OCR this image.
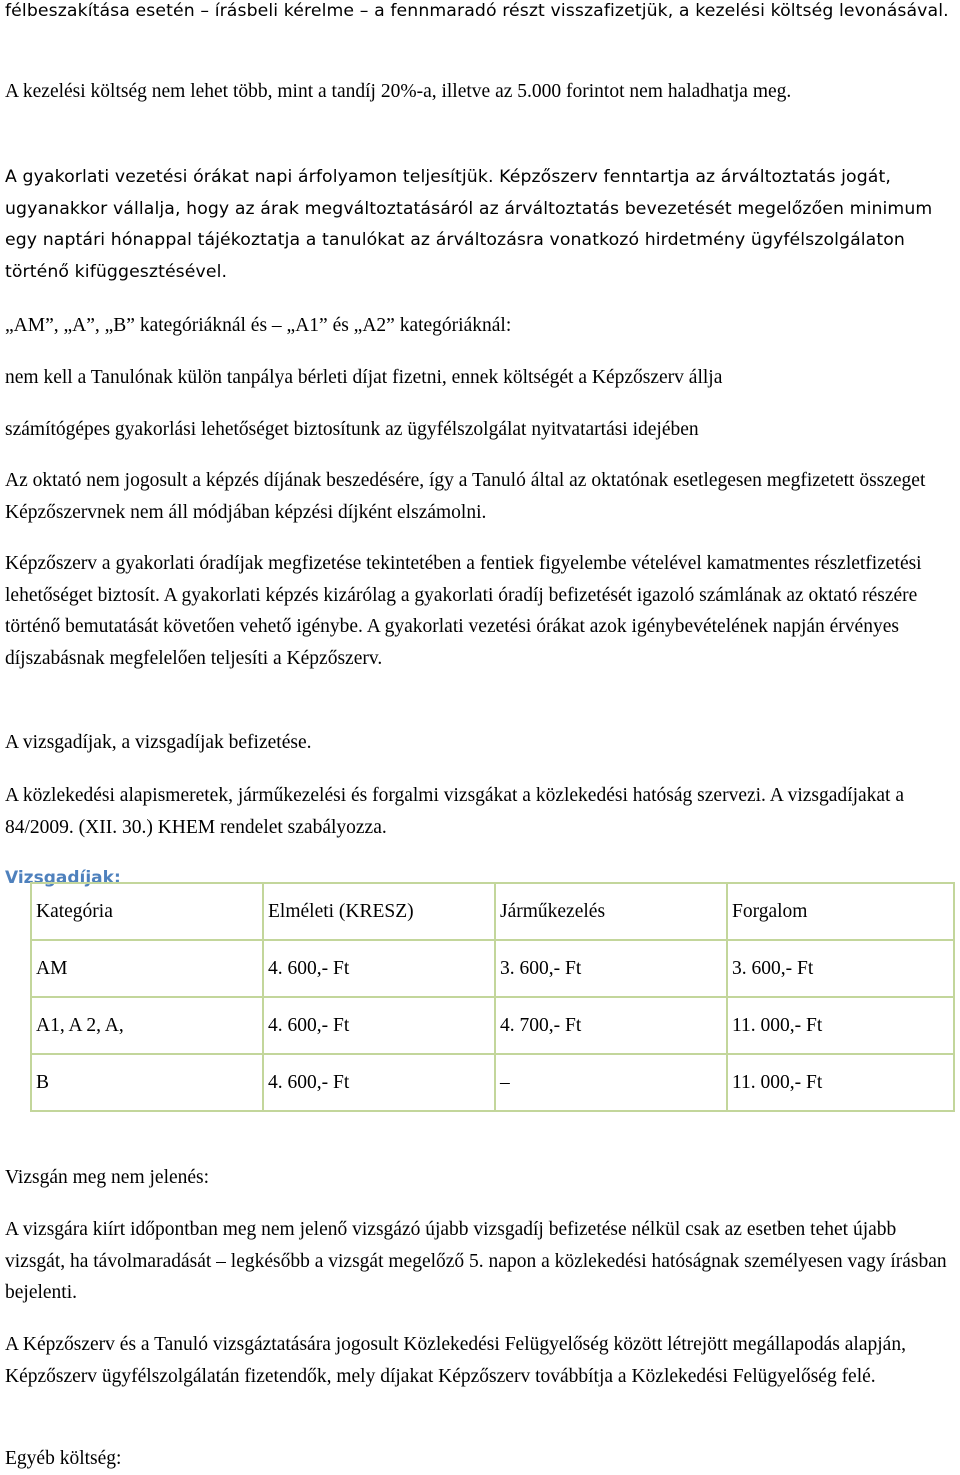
félbeszakítása esetén – írásbeli kérelme – a fennmaradó részt visszafizetjük, a kezelési költség levonásával.

A kezelési költség nem lehet több, mint a tandíj 20%-a, illetve az 5.000 forintot nem haladhatja meg.

A gyakorlati vezetési órákat napi árfolyamon teljesítjük. Képzőszerv fenntartja az árváltoztatás jogát, ugyanakkor vállalja, hogy az árak megváltoztatásáról az árváltoztatás bevezetését megelőzően minimum egy naptári hónappal tájékoztatja a tanulókat az árváltozásra vonatkozó hirdetmény ügyfélszolgálaton történő kifüggesztésével.

„AM”, „A”, „B” kategóriáknál és – „A1” és „A2” kategóriáknál:

nem kell a Tanulónak külön tanpálya bérleti díjat fizetni, ennek költségét a Képzőszerv állja

számítógépes gyakorlási lehetőséget biztosítunk az ügyfélszolgálat nyitvatartási idejében

Az oktató nem jogosult a képzés díjának beszedésére, így a Tanuló által az oktatónak esetlegesen megfizetett összeget Képzőszervnek nem áll módjában képzési díjként elszámolni.

Képzőszerv a gyakorlati óradíjak megfizetése tekintetében a fentiek figyelembe vételével kamatmentes részletfizetési lehetőséget biztosít. A gyakorlati képzés kizárólag a gyakorlati óradíj befizetését igazoló számlának az oktató részére történő bemutatását követően vehető igénybe. A gyakorlati vezetési órákat azok igénybevételének napján érvényes díjszabásnak megfelelően teljesíti a Képzőszerv.

A vizsgadíjak, a vizsgadíjak befizetése.

A közlekedési alapismeretek, járműkezelési és forgalmi vizsgákat a közlekedési hatóság szervezi. A vizsgadíjakat a 84/2009. (XII. 30.) KHEM rendelet szabályozza.

Vizsgadíjak:

Kategória	Elméleti (KRESZ)	Járműkezelés	Forgalom
AM	4. 600,- Ft	3. 600,- Ft	3. 600,- Ft
A1, A 2, A,	4. 600,- Ft	4. 700,- Ft	11. 000,- Ft
B	4. 600,- Ft	–	11. 000,- Ft

Vizsgán meg nem jelenés:

A vizsgára kiírt időpontban meg nem jelenő vizsgázó újabb vizsgadíj befizetése nélkül csak az esetben tehet újabb vizsgát, ha távolmaradását – legkésőbb a vizsgát megelőző 5. napon a közlekedési hatóságnak személyesen vagy írásban bejelenti.

A Képzőszerv és a Tanuló vizsgáztatására jogosult Közlekedési Felügyelőség között létrejött megállapodás alapján, Képzőszerv ügyfélszolgálatán fizetendők, mely díjakat Képzőszerv továbbítja a Közlekedési Felügyelőség felé.

Egyéb költség:
